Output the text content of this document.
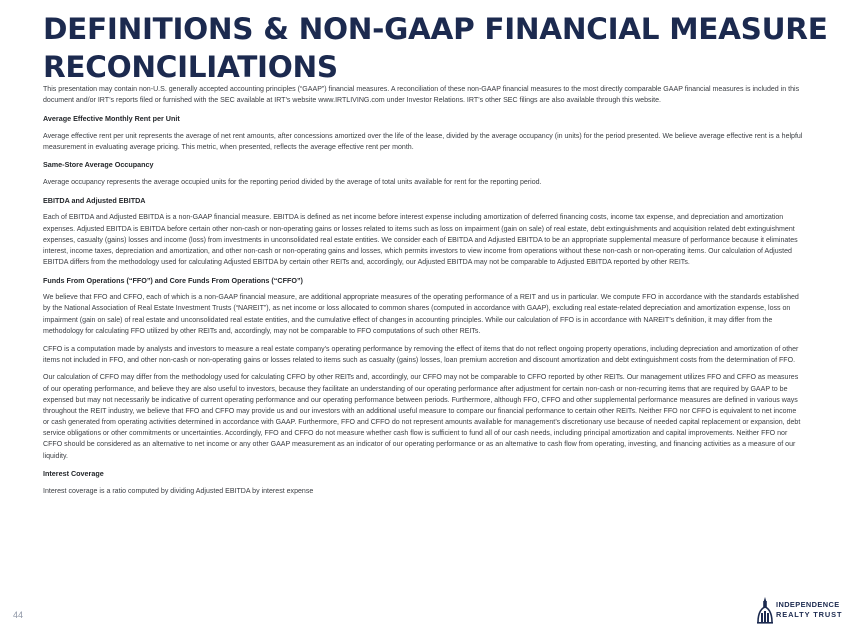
DEFINITIONS & NON-GAAP FINANCIAL MEASURE
RECONCILIATIONS

This presentation may contain non-U.S. generally accepted accounting principles (“GAAP”) financial measures. A reconciliation of these non-GAAP financial measures to the most directly comparable GAAP financial measures is included in this document and/or IRT’s reports filed or furnished with the SEC available at IRT’s website www.IRTLIVING.com under Investor Relations. IRT’s other SEC filings are also available through this website.

Average Effective Monthly Rent per Unit

Average effective rent per unit represents the average of net rent amounts, after concessions amortized over the life of the lease, divided by the average occupancy (in units) for the period presented. We believe average effective rent is a helpful measurement in evaluating average pricing. This metric, when presented, reflects the average effective rent per month.

Same-Store Average Occupancy

Average occupancy represents the average occupied units for the reporting period divided by the average of total units available for rent for the reporting period.

EBITDA and Adjusted EBITDA

Each of EBITDA and Adjusted EBITDA is a non-GAAP financial measure. EBITDA is defined as net income before interest expense including amortization of deferred financing costs, income tax expense, and depreciation and amortization expenses. Adjusted EBITDA is EBITDA before certain other non-cash or non-operating gains or losses related to items such as loss on impairment (gain on sale) of real estate, debt extinguishments and acquisition related debt extinguishment expenses, casualty (gains) losses and income (loss) from investments in unconsolidated real estate entities. We consider each of EBITDA and Adjusted EBITDA to be an appropriate supplemental measure of performance because it eliminates interest, income taxes, depreciation and amortization, and other non-cash or non-operating gains and losses, which permits investors to view income from operations without these non-cash or non-operating items. Our calculation of Adjusted EBITDA differs from the methodology used for calculating Adjusted EBITDA by certain other REITs and, accordingly, our Adjusted EBITDA may not be comparable to Adjusted EBITDA reported by other REITs.

Funds From Operations (“FFO”) and Core Funds From Operations (“CFFO”)

We believe that FFO and CFFO, each of which is a non-GAAP financial measure, are additional appropriate measures of the operating performance of a REIT and us in particular. We compute FFO in accordance with the standards established by the National Association of Real Estate Investment Trusts (“NAREIT”), as net income or loss allocated to common shares (computed in accordance with GAAP), excluding real estate-related depreciation and amortization expense, loss on impairment (gain on sale) of real estate and unconsolidated real estate entities, and the cumulative effect of changes in accounting principles. While our calculation of FFO is in accordance with NAREIT’s definition, it may differ from the methodology for calculating FFO utilized by other REITs and, accordingly, may not be comparable to FFO computations of such other REITs.

CFFO is a computation made by analysts and investors to measure a real estate company’s operating performance by removing the effect of items that do not reflect ongoing property operations, including depreciation and amortization of other items not included in FFO, and other non-cash or non-operating gains or losses related to items such as casualty (gains) losses, loan premium accretion and discount amortization and debt extinguishment costs from the determination of FFO.

Our calculation of CFFO may differ from the methodology used for calculating CFFO by other REITs and, accordingly, our CFFO may not be comparable to CFFO reported by other REITs. Our management utilizes FFO and CFFO as measures of our operating performance, and believe they are also useful to investors, because they facilitate an understanding of our operating performance after adjustment for certain non-cash or non-recurring items that are required by GAAP to be expensed but may not necessarily be indicative of current operating performance and our operating performance between periods. Furthermore, although FFO, CFFO and other supplemental performance measures are defined in various ways throughout the REIT industry, we believe that FFO and CFFO may provide us and our investors with an additional useful measure to compare our financial performance to certain other REITs. Neither FFO nor CFFO is equivalent to net income or cash generated from operating activities determined in accordance with GAAP. Furthermore, FFO and CFFO do not represent amounts available for management’s discretionary use because of needed capital replacement or expansion, debt service obligations or other commitments or uncertainties. Accordingly, FFO and CFFO do not measure whether cash flow is sufficient to fund all of our cash needs, including principal amortization and capital improvements. Neither FFO nor CFFO should be considered as an alternative to net income or any other GAAP measurement as an indicator of our operating performance or as an alternative to cash flow from operating, investing, and financing activities as a measure of our liquidity.

Interest Coverage

Interest coverage is a ratio computed by dividing Adjusted EBITDA by interest expense

44
INDEPENDENCE
REALTY TRUST
